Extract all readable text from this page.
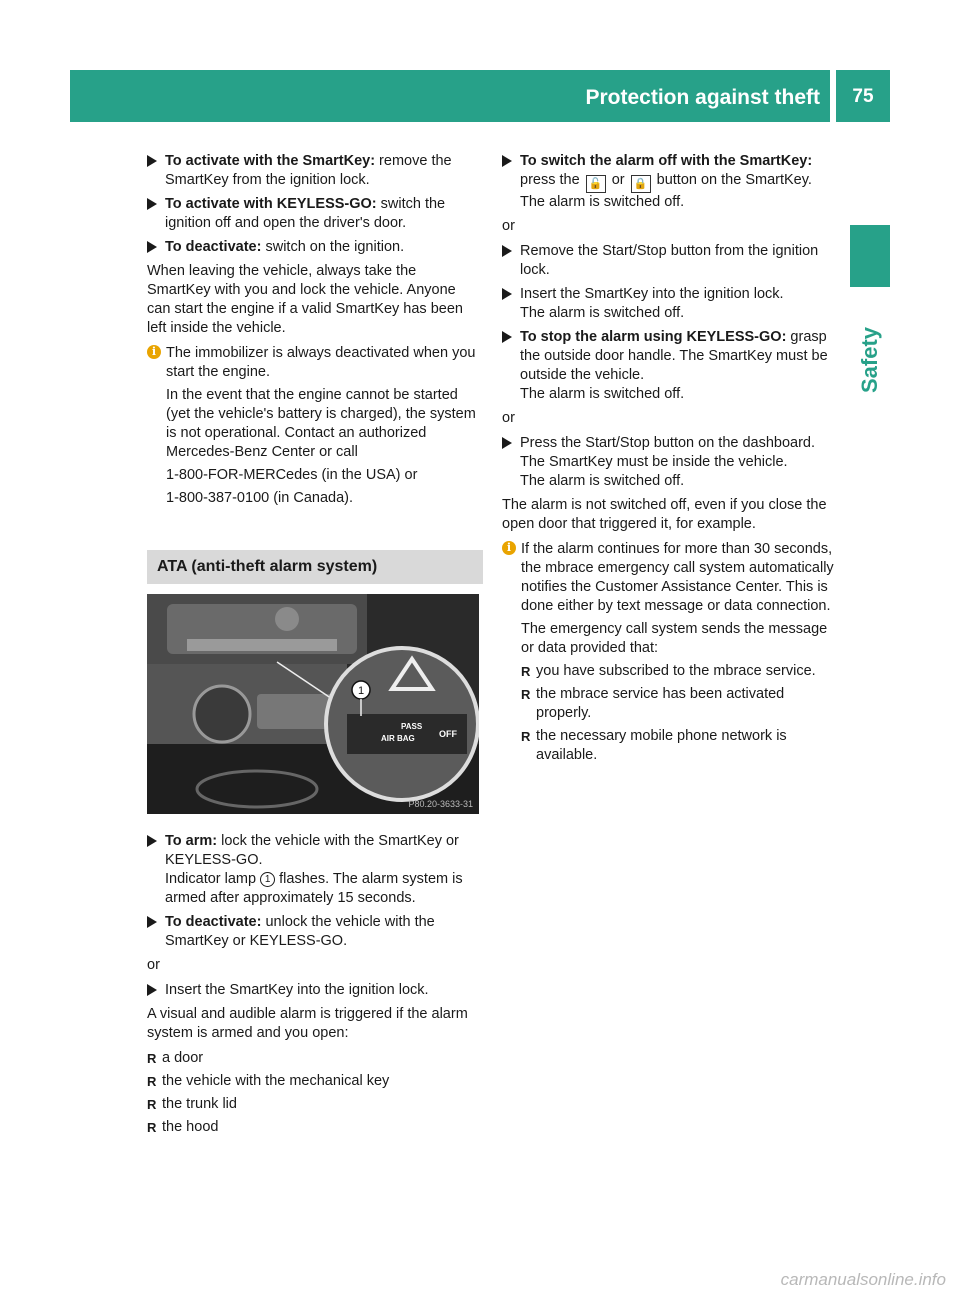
Protection against theft	75
Safety
To activate with the SmartKey: remove the SmartKey from the ignition lock.
To activate with KEYLESS-GO: switch the ignition off and open the driver's door.
To deactivate: switch on the ignition.

When leaving the vehicle, always take the SmartKey with you and lock the vehicle. Anyone can start the engine if a valid SmartKey has been left inside the vehicle.

i The immobilizer is always deactivated when you start the engine.

In the event that the engine cannot be started (yet the vehicle's battery is charged), the system is not operational. Contact an authorized Mercedes-Benz Center or call

1-800-FOR-MERCedes (in the USA) or

1-800-387-0100 (in Canada).

ATA (anti-theft alarm system)
PASS
AIR BAG	OFF
1
P80.20-3633-31
To arm: lock the vehicle with the SmartKey or KEYLESS-GO.
Indicator lamp 1 flashes. The alarm system is armed after approximately 15 seconds.
To deactivate: unlock the vehicle with the SmartKey or KEYLESS-GO.

or

Insert the SmartKey into the ignition lock.

A visual and audible alarm is triggered if the alarm system is armed and you open:

R a door
R the vehicle with the mechanical key
R the trunk lid
R the hood
To switch the alarm off with the SmartKey: press the 🔓 or 🔒 button on the SmartKey.
The alarm is switched off.

or

Remove the Start/Stop button from the ignition lock.
Insert the SmartKey into the ignition lock.
The alarm is switched off.
To stop the alarm using KEYLESS-GO: grasp the outside door handle. The SmartKey must be outside the vehicle.
The alarm is switched off.

or

Press the Start/Stop button on the dashboard. The SmartKey must be inside the vehicle.
The alarm is switched off.

The alarm is not switched off, even if you close the open door that triggered it, for example.

i If the alarm continues for more than 30 seconds, the mbrace emergency call system automatically notifies the Customer Assistance Center. This is done either by text message or data connection.

The emergency call system sends the message or data provided that:

R you have subscribed to the mbrace service.
R the mbrace service has been activated properly.
R the necessary mobile phone network is available.
carmanualsonline.info
